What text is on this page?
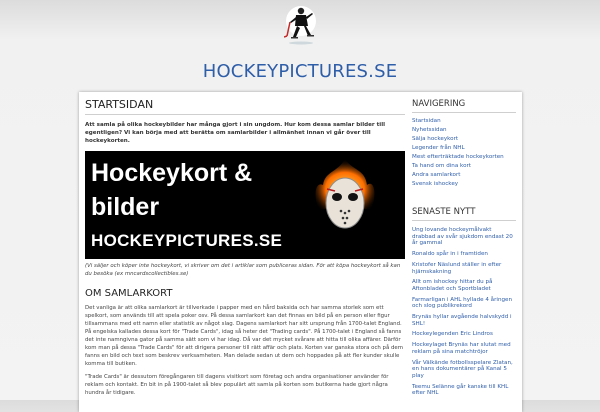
HOCKEYPICTURES.SE
STARTSIDAN

Att samla på olika hockeybilder har många gjort i sin ungdom. Hur kom dessa samlar bilder till egentligen? Vi kan börja med att berätta om samlarbilder i allmänhet innan vi går över till hockeykorten.

Hockeykort &
bilder
HOCKEYPICTURES.SE
(Vi säljer och köper inte hockeykort, vi skriver om det i artiklar som publiceras sidan. För att köpa hockeykort så kan du besöka (ex mncardscollectibles.se)
OM SAMLARKORT

Det vanliga är att olika samlarkort är tillverkade i papper med en hård baksida och har samma storlek som ett spelkort, som används till att spela poker osv. På dessa samlarkort kan det finnas en bild på en person eller figur tillsammans med ett namn eller statistik av något slag. Dagens samlarkort har sitt ursprung från 1700-talet England. På engelska kallades dessa kort för "Trade Cards", idag så heter det "Trading cards". På 1700-talet i England så fanns det inte namngivna gator på samma sätt som vi har idag. Då var det mycket svårare att hitta till olika affärer. Därför kom man på dessa "Trade Cards" för att dirigera personer till rätt affär och plats. Korten var ganska stora och på dem fanns en bild och text som beskrev verksamheten. Man delade sedan ut dem och hoppades på att fler kunder skulle komma till butiken.

"Trade Cards" är dessutom föregångaren till dagens visitkort som företag och andra organisationer använder för reklam och kontakt. En bit in på 1900-talet så blev populärt att samla på korten som butikerna hade gjort några hundra år tidigare.

NAVIGERING
Startsidan
Nyhetssidan
Sälja hockeykort
Legender från NHL
Mest efterträktade hockeykorten
Ta hand om dina kort
Andra samlarkort
Svensk ishockey
SENASTE NYTT
Ung lovande hockeymålvakt drabbad av svår sjukdom endast 20 år gammal
Ronaldo spår in i framtiden
Kristofer Näslund ställer in efter hjärnskakning
Allt om ishockey hittar du på Aftonbladet och Sportbladet
Farmarligan i AHL hyllade 4 åringen och slog publikrekord
Brynäs hyllar avgående halvskydd i SHL!
Hockeylegenden Eric Lindros
Hockeylaget Brynäs har slutat med reklam på sina matchtröjor
Vår Välkände fotbollsspelare Zlatan, en hans dokumentärer på Kanal 5 play
Teemu Selänne går kanske till KHL efter NHL
